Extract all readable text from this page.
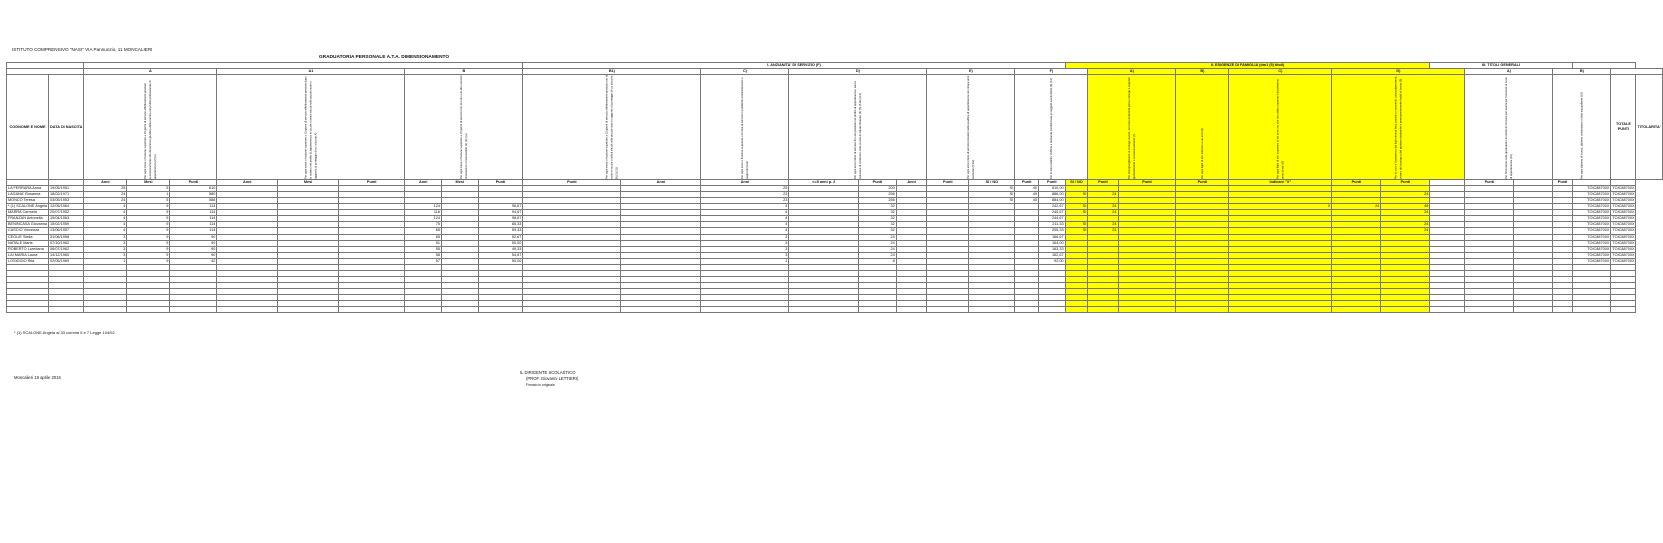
ISTITUTO COMPRENSIVO "NASI" VIA Pannunzio, 11 MONCALIERI
GRADUATORIA PERSONALE A.T.A. DIMENSIONAMENTO
											I. ANZIANITA' DI SERVIZIO (F)										II. ESIGENZE DI FAMIGLIA (dm1 (5) titoli)							III. TITOLI GENERALI						
		A			A1			B			B1)		C)	D)			E)		F)			A)		B)	C)	D)			A)		B)			
COGNOME E NOME	DATA DI NASCITA	Per ogni mese o frazione superiore a 15 giorni di servizio effettivamente prestato successivamente alla decorrenza giuridica della nomina nel profilo professionale di appartenenza (2) (a)			Per ogni mese o frazione superiore a 15 giorni di servizio effettivamente prestato dopo la nomina nel profilo di appartenenza in scuole o istituti situati nelle piccole isole in aggiunta al punteggio di cui al punto A)			Per ogni mese o frazione superiore a 15 giorni di servizio non di ruolo o di altro servizio riconosciuto o riconoscibile (3) (11) (a)			Per ogni mese o frazione superiore a 15 giorni di servizio effettivamente prestato non di ruolo in scuole o istituti situati nelle piccole isole in aggiunta al punteggio di cui al punto B) (3) (11)		Per ogni anno o frazione superiore a 6 mesi di servizio in pubbliche amministrazioni o negli enti locali	Per ogni anno intero di servizio di ruolo prestato nel profilo di appartenenza, senza soluzione di continuita' nella scuola di attuale titolarita' (4) (5) (5 bis) (12)			Per ogni anno intero di servizio prestato nella qualifica di appartenenza nei cinque anni scolastici (5 bis)		Per la sola mobilita' d'ufficio a domanda condizionata ai soggetti aventi diritto (6) (13)			Per ricongiungimento al coniuge ovvero, nel caso di docenti senza coniuge o separati giudizialmente o consensualmente (7)		Per ogni figlio di eta' inferiore a sei anni (8)	Per ogni figlio di eta' superiore ai sei anni, ma che non abbia superato il diciottesimo anno di eta' (8)	Per la cura e l'assistenza dei figli minorati fisici, psichici o sensoriali, tossicodipendenti, ovvero del coniuge o del genitore totalmente e permanentemente inabili al lavoro (9)			Per l'inclusione nella graduatoria di merito di concorsi per esami per l'accesso al ruolo di appartenenza (10)		Per ogni diploma di laurea, diploma universitario o titolo equipollente (10)		TOTALE PUNTI	TITOLARITA'
		Anni	Mesi	Punti	Anni	Mesi	Punti	Anni	Mesi	Punti	Punti	Anni	Anni	<=5 anni p. 2	Punti	Anni	Punti	SI / NO	Punti	Punti	SI / NO	Punti	Punti	Punti	Indicare "X"	Punti	Punti		Punti		Punti			
LA FERRARA Anna	19/05/1951	25	5	610									25		200			SI	40	610,00												TOIC88700X	TOIC88700X	
LAGANA' Rosanna	18/02/1971	24	1	580									23		256			SI	40	886,00	SI	24					24					TOIC88700X	TOIC88700X	
MONCO Teresa	03/05/1953	24	5	588									23		256			SI	40	884,00												TOIC88700X	TOIC88700X	
* (1) SCALONE Angela	12/05/1964	4	9	114				124		96,67			4		32					242,67	SI	24			X	24	48					TOIC88700X	TOIC88700X	
MARRA Carmela	20/07/1952	4	9	114				116		94,67			4		32					240,67	SI	24					24					TOIC88700X	TOIC88700X	
FRANZAN Antonella	15/04/1963	4	9	114				124		98,67			4		32					244,67												TOIC88700X	TOIC88700X	
BENINCASA Giovanna	15/02/1959	4	9	114				75		65,33			4		32					211,33	SI	24					24					TOIC88700X	TOIC88700X	
CASCIO Vincenza	13/06/1957	4	9	114				65		59,33			4		32					205,33	SI	24					24					TOIC88700X	TOIC88700X	
CEGLIE Stella	31/08/1958	3	9	90				65		52,67			3		24					166,67												TOIC88700X	TOIC88700X	
NATALE Marie	07/10/1962	3	9	90				51		50,00			3		24					164,00												TOIC88700X	TOIC88700X	
ROBERTO Loredana	06/07/1962	3	9	90				55		49,33			3		24					163,33												TOIC88700X	TOIC88700X	
LAI MARIA Laura	14/12/1960	3	9	90				58		54,67			3		24					162,67												TOIC88700X	TOIC88700X	
LOSIGGIO Rita	02/05/1969	1	9	42				57		50,00			1		8					92,00												TOIC88700X	TOIC88700X	

* (1) SCALONE Angela al 33 comma 5 e 7 Legge 104/92
Moncalieri 19 aprile 2016
IL DIRIGENTE SCOLASTICO
(PROF. Giovanni LETTIERI)
Firmato in originale
